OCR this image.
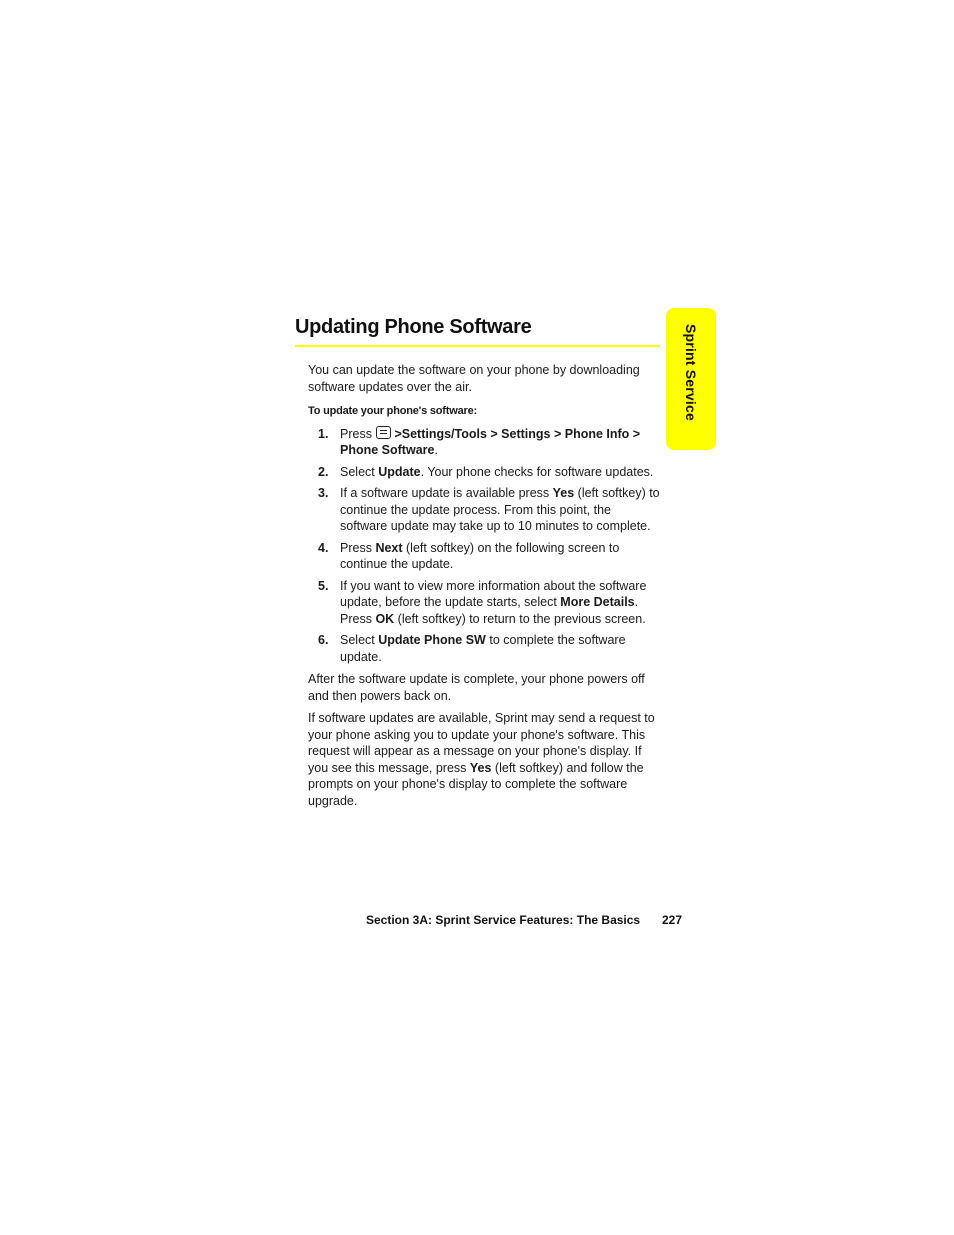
Sprint Service
Updating Phone Software

You can update the software on your phone by downloading software updates over the air.

To update your phone's software:
1. Press >Settings/Tools > Settings > Phone Info > Phone Software.
2. Select Update. Your phone checks for software updates.
3. If a software update is available press Yes (left softkey) to continue the update process. From this point, the software update may take up to 10 minutes to complete.
4. Press Next (left softkey) on the following screen to continue the update.
5. If you want to view more information about the software update, before the update starts, select More Details. Press OK (left softkey) to return to the previous screen.
6. Select Update Phone SW to complete the software update.

After the software update is complete, your phone powers off and then powers back on.

If software updates are available, Sprint may send a request to your phone asking you to update your phone's software. This request will appear as a message on your phone's display. If you see this message, press Yes (left softkey) and follow the prompts on your phone's display to complete the software upgrade.

Section 3A: Sprint Service Features: The Basics 227
